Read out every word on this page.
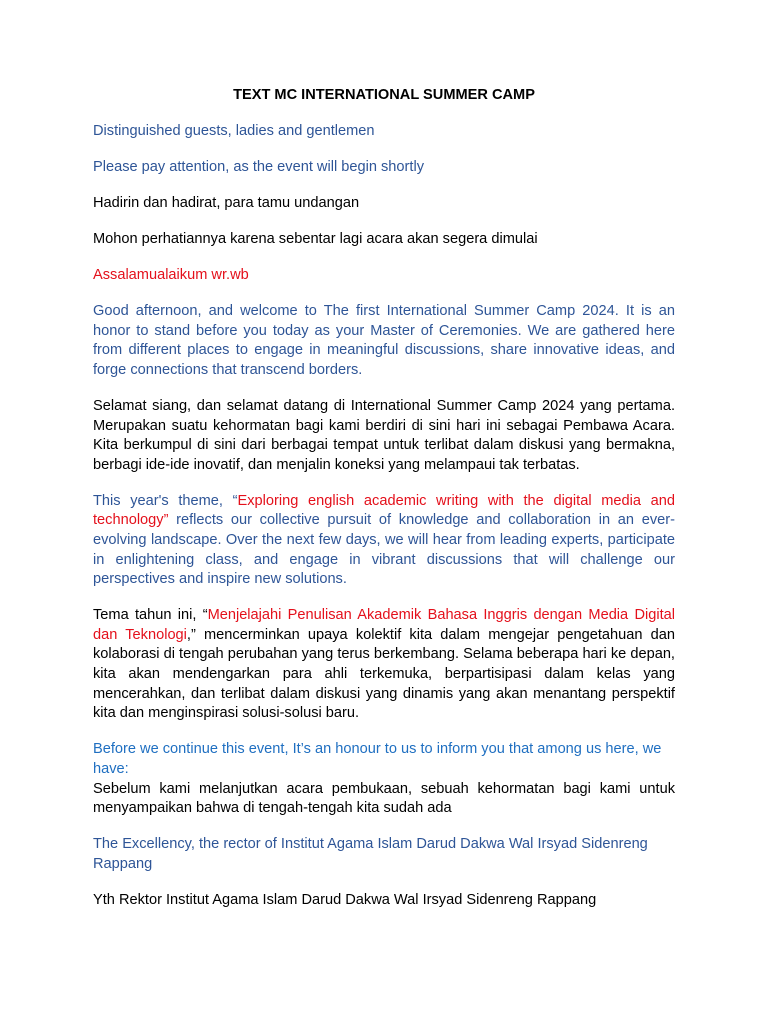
TEXT MC INTERNATIONAL SUMMER CAMP

Distinguished guests, ladies and gentlemen

Please pay attention, as the event will begin shortly

Hadirin dan hadirat, para tamu undangan

Mohon perhatiannya karena sebentar lagi acara akan segera dimulai

Assalamualaikum wr.wb

Good afternoon, and welcome to The first International Summer Camp 2024. It is an honor to stand before you today as your Master of Ceremonies. We are gathered here from different places to engage in meaningful discussions, share innovative ideas, and forge connections that transcend borders.

Selamat siang, dan selamat datang di International Summer Camp 2024 yang pertama. Merupakan suatu kehormatan bagi kami berdiri di sini hari ini sebagai Pembawa Acara. Kita berkumpul di sini dari berbagai tempat untuk terlibat dalam diskusi yang bermakna, berbagi ide-ide inovatif, dan menjalin koneksi yang melampaui tak terbatas.

This year's theme, “Exploring english academic writing with the digital media and technology” reflects our collective pursuit of knowledge and collaboration in an ever-evolving landscape. Over the next few days, we will hear from leading experts, participate in enlightening class, and engage in vibrant discussions that will challenge our perspectives and inspire new solutions.

Tema tahun ini, “Menjelajahi Penulisan Akademik Bahasa Inggris dengan Media Digital dan Teknologi,” mencerminkan upaya kolektif kita dalam mengejar pengetahuan dan kolaborasi di tengah perubahan yang terus berkembang. Selama beberapa hari ke depan, kita akan mendengarkan para ahli terkemuka, berpartisipasi dalam kelas yang mencerahkan, dan terlibat dalam diskusi yang dinamis yang akan menantang perspektif kita dan menginspirasi solusi-solusi baru.

Before we continue this event, It’s an honour to us to inform you that among us here, we have:

Sebelum kami melanjutkan acara pembukaan, sebuah kehormatan bagi kami untuk menyampaikan bahwa di tengah-tengah kita sudah ada

The Excellency, the rector of Institut Agama Islam Darud Dakwa Wal Irsyad Sidenreng Rappang

Yth Rektor Institut Agama Islam Darud Dakwa Wal Irsyad Sidenreng Rappang
